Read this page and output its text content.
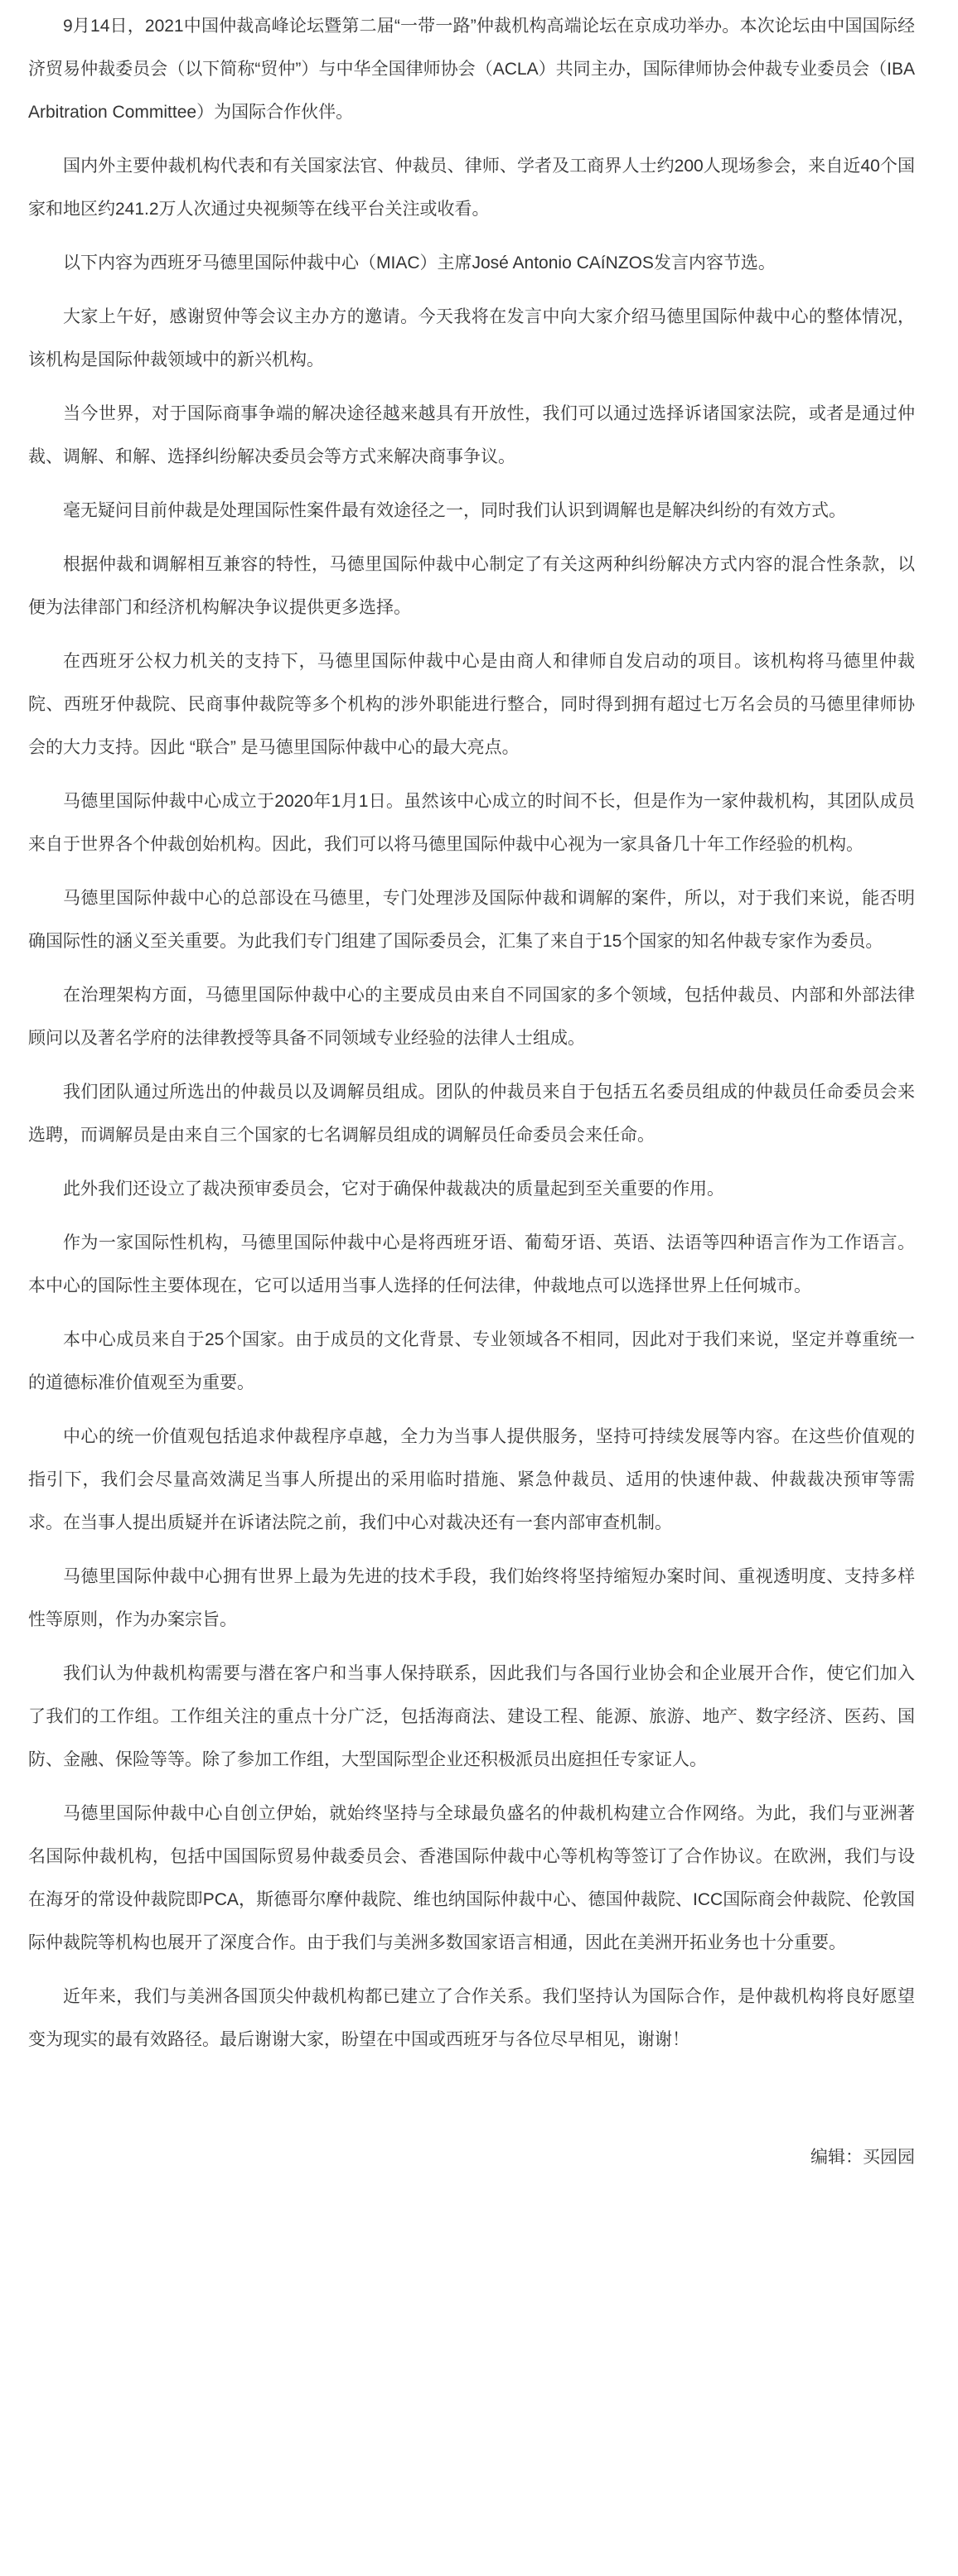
9月14日，2021中国仲裁高峰论坛暨第二届“一带一路”仲裁机构高端论坛在京成功举办。本次论坛由中国国际经济贸易仲裁委员会（以下简称“贸仲”）与中华全国律师协会（ACLA）共同主办，国际律师协会仲裁专业委员会（IBA Arbitration Committee）为国际合作伙伴。

国内外主要仲裁机构代表和有关国家法官、仲裁员、律师、学者及工商界人士约200人现场参会，来自近40个国家和地区约241.2万人次通过央视频等在线平台关注或收看。

以下内容为西班牙马德里国际仲裁中心（MIAC）主席José Antonio CAíNZOS发言内容节选。

大家上午好，感谢贸仲等会议主办方的邀请。今天我将在发言中向大家介绍马德里国际仲裁中心的整体情况，该机构是国际仲裁领域中的新兴机构。

当今世界，对于国际商事争端的解决途径越来越具有开放性，我们可以通过选择诉诸国家法院，或者是通过仲裁、调解、和解、选择纠纷解决委员会等方式来解决商事争议。

毫无疑问目前仲裁是处理国际性案件最有效途径之一，同时我们认识到调解也是解决纠纷的有效方式。

根据仲裁和调解相互兼容的特性，马德里国际仲裁中心制定了有关这两种纠纷解决方式内容的混合性条款，以便为法律部门和经济机构解决争议提供更多选择。

在西班牙公权力机关的支持下，马德里国际仲裁中心是由商人和律师自发启动的项目。该机构将马德里仲裁院、西班牙仲裁院、民商事仲裁院等多个机构的涉外职能进行整合，同时得到拥有超过七万名会员的马德里律师协会的大力支持。因此 “联合” 是马德里国际仲裁中心的最大亮点。

马德里国际仲裁中心成立于2020年1月1日。虽然该中心成立的时间不长，但是作为一家仲裁机构，其团队成员来自于世界各个仲裁创始机构。因此，我们可以将马德里国际仲裁中心视为一家具备几十年工作经验的机构。

马德里国际仲裁中心的总部设在马德里，专门处理涉及国际仲裁和调解的案件，所以，对于我们来说，能否明确国际性的涵义至关重要。为此我们专门组建了国际委员会，汇集了来自于15个国家的知名仲裁专家作为委员。

在治理架构方面，马德里国际仲裁中心的主要成员由来自不同国家的多个领域，包括仲裁员、内部和外部法律顾问以及著名学府的法律教授等具备不同领域专业经验的法律人士组成。

我们团队通过所选出的仲裁员以及调解员组成。团队的仲裁员来自于包括五名委员组成的仲裁员任命委员会来选聘，而调解员是由来自三个国家的七名调解员组成的调解员任命委员会来任命。

此外我们还设立了裁决预审委员会，它对于确保仲裁裁决的质量起到至关重要的作用。

作为一家国际性机构，马德里国际仲裁中心是将西班牙语、葡萄牙语、英语、法语等四种语言作为工作语言。本中心的国际性主要体现在，它可以适用当事人选择的任何法律，仲裁地点可以选择世界上任何城市。

本中心成员来自于25个国家。由于成员的文化背景、专业领域各不相同，因此对于我们来说，坚定并尊重统一的道德标准价值观至为重要。

中心的统一价值观包括追求仲裁程序卓越，全力为当事人提供服务，坚持可持续发展等内容。在这些价值观的指引下，我们会尽量高效满足当事人所提出的采用临时措施、紧急仲裁员、适用的快速仲裁、仲裁裁决预审等需求。在当事人提出质疑并在诉诸法院之前，我们中心对裁决还有一套内部审查机制。

马德里国际仲裁中心拥有世界上最为先进的技术手段，我们始终将坚持缩短办案时间、重视透明度、支持多样性等原则，作为办案宗旨。

我们认为仲裁机构需要与潜在客户和当事人保持联系，因此我们与各国行业协会和企业展开合作，使它们加入了我们的工作组。工作组关注的重点十分广泛，包括海商法、建设工程、能源、旅游、地产、数字经济、医药、国防、金融、保险等等。除了参加工作组，大型国际型企业还积极派员出庭担任专家证人。

马德里国际仲裁中心自创立伊始，就始终坚持与全球最负盛名的仲裁机构建立合作网络。为此，我们与亚洲著名国际仲裁机构，包括中国国际贸易仲裁委员会、香港国际仲裁中心等机构等签订了合作协议。在欧洲，我们与设在海牙的常设仲裁院即PCA，斯德哥尔摩仲裁院、维也纳国际仲裁中心、德国仲裁院、ICC国际商会仲裁院、伦敦国际仲裁院等机构也展开了深度合作。由于我们与美洲多数国家语言相通，因此在美洲开拓业务也十分重要。

近年来，我们与美洲各国顶尖仲裁机构都已建立了合作关系。我们坚持认为国际合作，是仲裁机构将良好愿望变为现实的最有效路径。最后谢谢大家，盼望在中国或西班牙与各位尽早相见，谢谢！

编辑：买园园
